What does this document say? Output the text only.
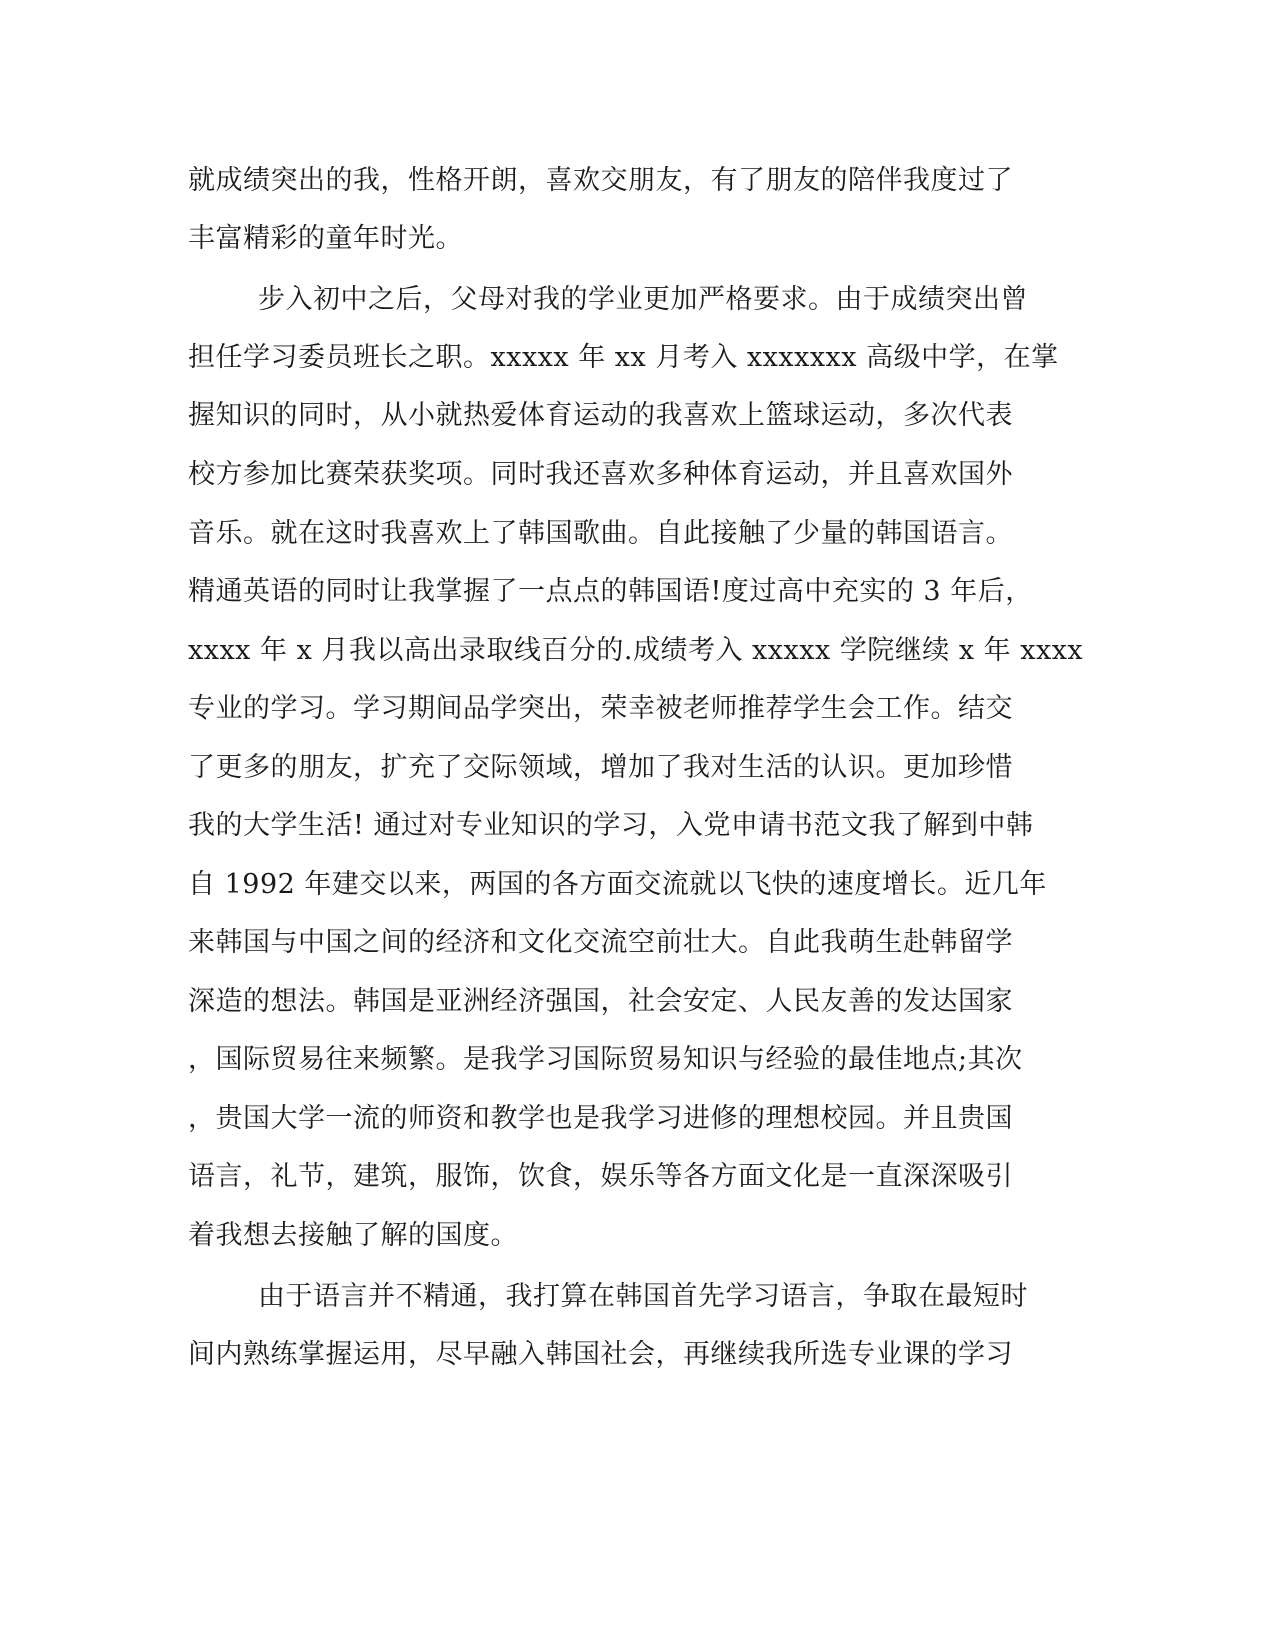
就成绩突出的我，性格开朗，喜欢交朋友，有了朋友的陪伴我度过了
丰富精彩的童年时光。
步入初中之后，父母对我的学业更加严格要求。由于成绩突出曾
担任学习委员班长之职。xxxxx 年 xx 月考入 xxxxxxx 高级中学，在掌
握知识的同时，从小就热爱体育运动的我喜欢上篮球运动，多次代表
校方参加比赛荣获奖项。同时我还喜欢多种体育运动，并且喜欢国外
音乐。就在这时我喜欢上了韩国歌曲。自此接触了少量的韩国语言。
精通英语的同时让我掌握了一点点的韩国语!度过高中充实的 3 年后，
xxxx 年 x 月我以高出录取线百分的.成绩考入 xxxxx 学院继续 x 年 xxxx
专业的学习。学习期间品学突出，荣幸被老师推荐学生会工作。结交
了更多的朋友，扩充了交际领域，增加了我对生活的认识。更加珍惜
我的大学生活! 通过对专业知识的学习，入党申请书范文我了解到中韩
自 1992 年建交以来，两国的各方面交流就以飞快的速度增长。近几年
来韩国与中国之间的经济和文化交流空前壮大。自此我萌生赴韩留学
深造的想法。韩国是亚洲经济强国，社会安定、人民友善的发达国家
，国际贸易往来频繁。是我学习国际贸易知识与经验的最佳地点;其次
，贵国大学一流的师资和教学也是我学习进修的理想校园。并且贵国
语言，礼节，建筑，服饰，饮食，娱乐等各方面文化是一直深深吸引
着我想去接触了解的国度。
由于语言并不精通，我打算在韩国首先学习语言，争取在最短时
间内熟练掌握运用，尽早融入韩国社会，再继续我所选专业课的学习
